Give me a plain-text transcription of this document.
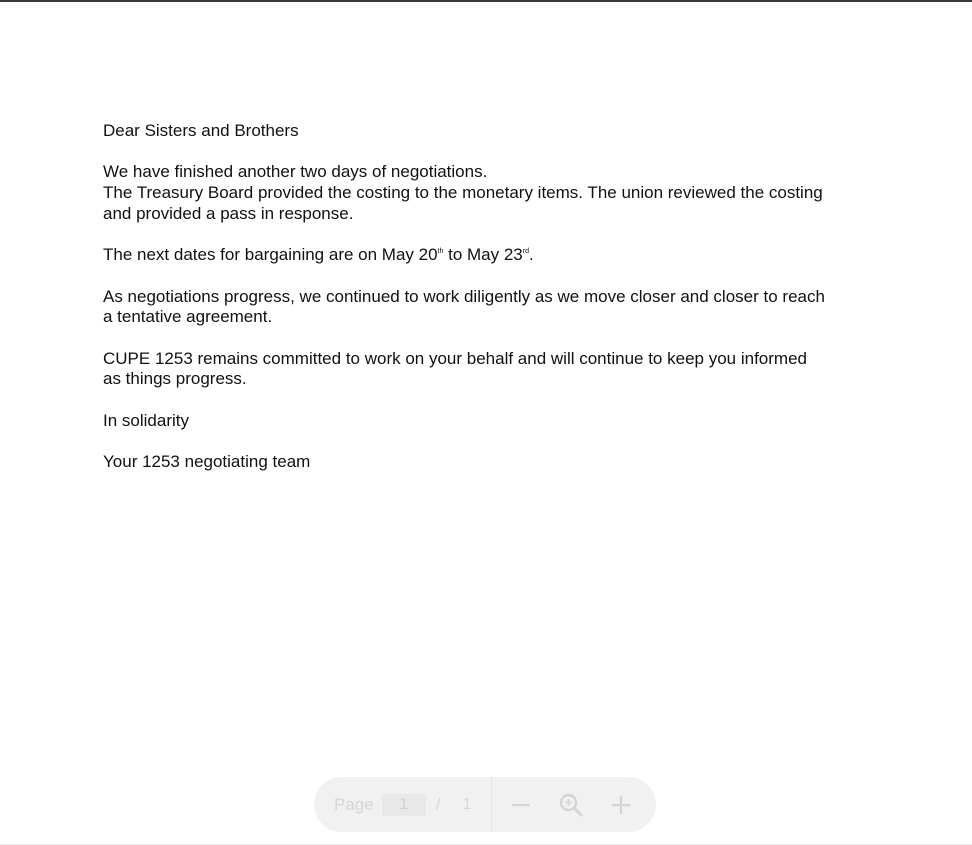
Dear Sisters and Brothers

We have finished another two days of negotiations.
The Treasury Board provided the costing to the monetary items. The union reviewed the costing
and provided a pass in response.

The next dates for bargaining are on May 20th to May 23rd.

As negotiations progress, we continued to work diligently as we move closer and closer to reach
a tentative agreement.

CUPE 1253 remains committed to work on your behalf and will continue to keep you informed
as things progress.

In solidarity

Your 1253 negotiating team

Page
1	/ 1
